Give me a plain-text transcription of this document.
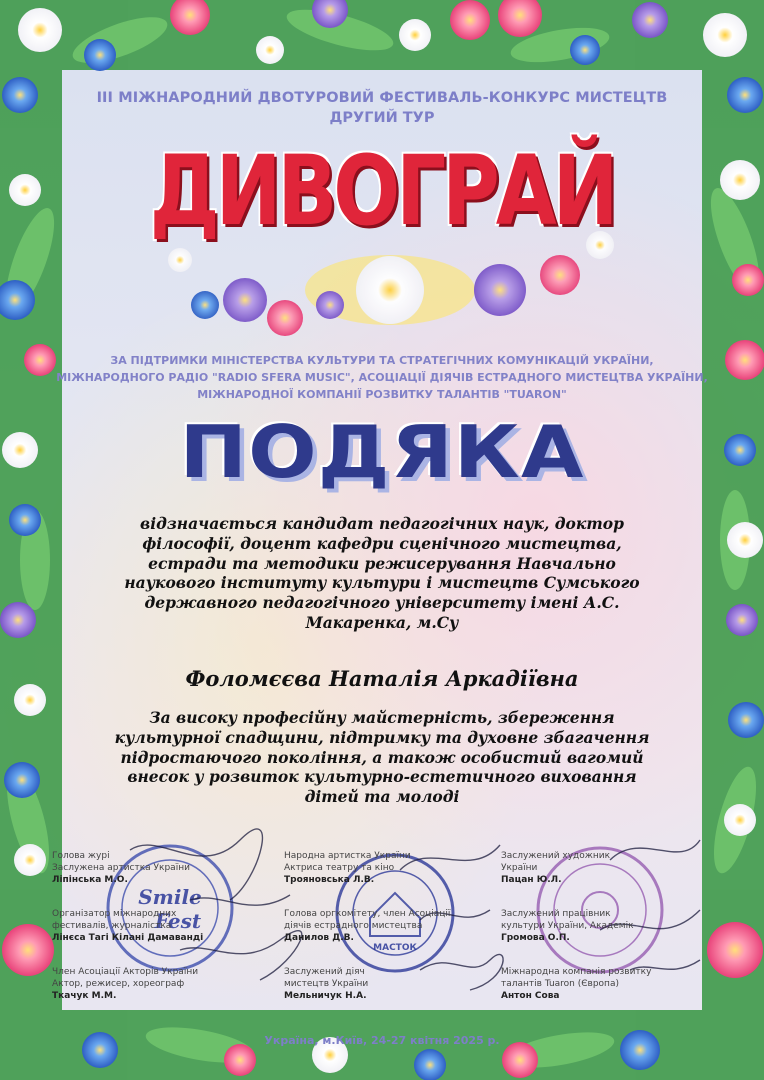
III МІЖНАРОДНИЙ ДВОТУРОВИЙ ФЕСТИВАЛЬ-КОНКУРС МИСТЕЦТВ
ДРУГИЙ ТУР
ДИВОГРАЙ
ЗА ПІДТРИМКИ МІНІСТЕРСТВА КУЛЬТУРИ ТА СТРАТЕГІЧНИХ КОМУНІКАЦІЙ УКРАЇНИ,
МІЖНАРОДНОГО РАДІО "RADIO SFERA MUSIC", АСОЦІАЦІЇ ДІЯЧІВ ЕСТРАДНОГО МИСТЕЦТВА УКРАЇНИ,
МІЖНАРОДНОЇ КОМПАНІЇ РОЗВИТКУ ТАЛАНТІВ "TUARON"
ПОДЯКА
відзначається кандидат педагогічних наук, доктор
філософії, доцент кафедри сценічного мистецтва,
естради та методики режисерування Навчально
наукового інституту культури і мистецтв Сумського
державного педагогічного університету імені А.С.
Макаренка, м.Су
Фоломєєва Наталія Аркадіївна
За високу професійну майстерність, збереження
культурної спадщини, підтримку та духовне збагачення
підростаючого покоління, а також особистий вагомий
внесок у розвиток культурно-естетичного виховання
дітей та молоді
Smile
Fest
МАСТОК
Голова журі
Заслужена артистка України
Ліпінська М.О.
Організатор міжнародних
фестивалів, журналістка
Лінєса Тагі Кілані Дамаванді
Член Асоціації Акторів України
Актор, режисер, хореограф
Ткачук М.М.
Народна артистка України
Актриса театру та кіно
Трояновська Л.В.
Голова оргкомітету, член Асоціації
діячів естрадного мистецтва
Данилов Д.В.
Заслужений діяч
мистецтв України
Мельничук Н.А.
Заслужений художник
України
Пацан Ю.Л.
Заслужений працівник
культури України, Академік
Громова О.П.
Міжнародна компанія розвитку
талантів Tuaron (Європа)
Антон Сова
Україна, м.Київ, 24-27 квітня 2025 р.
